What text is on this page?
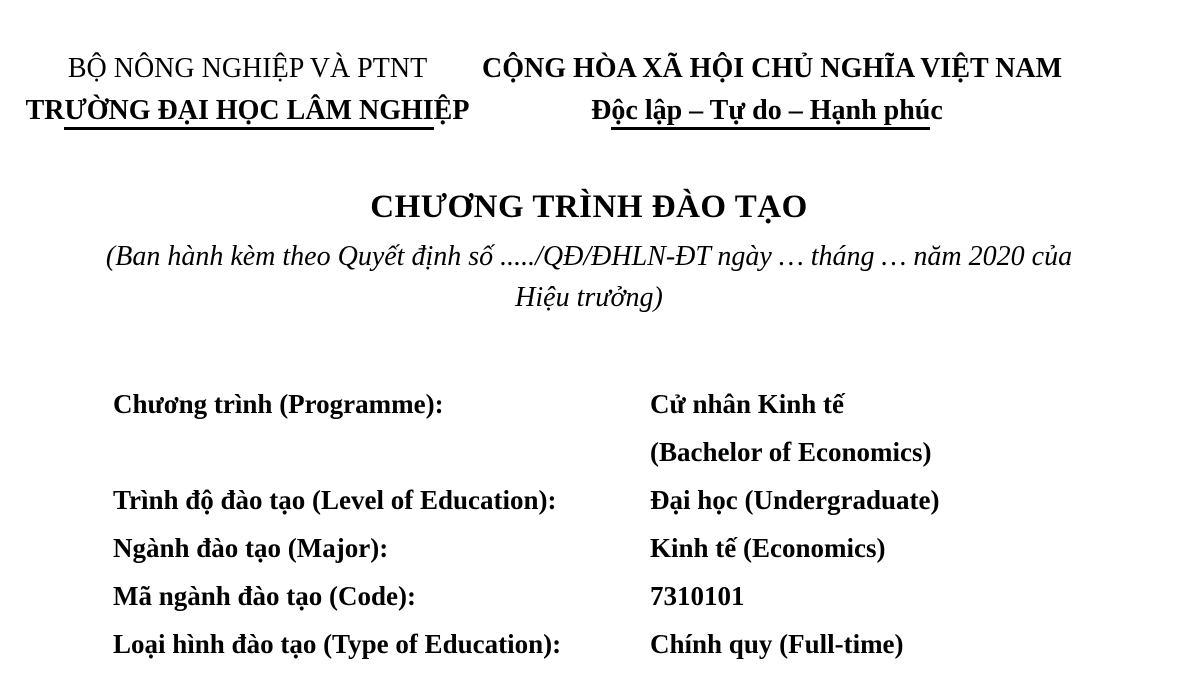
BỘ NÔNG NGHIỆP VÀ PTNT
TRƯỜNG ĐẠI HỌC LÂM NGHIỆP
CỘNG HÒA XÃ HỘI CHỦ NGHĨA VIỆT NAM
Độc lập – Tự do – Hạnh phúc
CHƯƠNG TRÌNH ĐÀO TẠO
(Ban hành kèm theo Quyết định số ...../QĐ/ĐHLN-ĐT ngày … tháng … năm 2020 của
Hiệu trưởng)
Chương trình (Programme):	Cử nhân Kinh tế
(Bachelor of Economics)
Trình độ đào tạo (Level of Education):	Đại học (Undergraduate)
Ngành đào tạo (Major):	Kinh tế (Economics)
Mã ngành đào tạo (Code):	7310101
Loại hình đào tạo (Type of Education):	Chính quy (Full-time)
